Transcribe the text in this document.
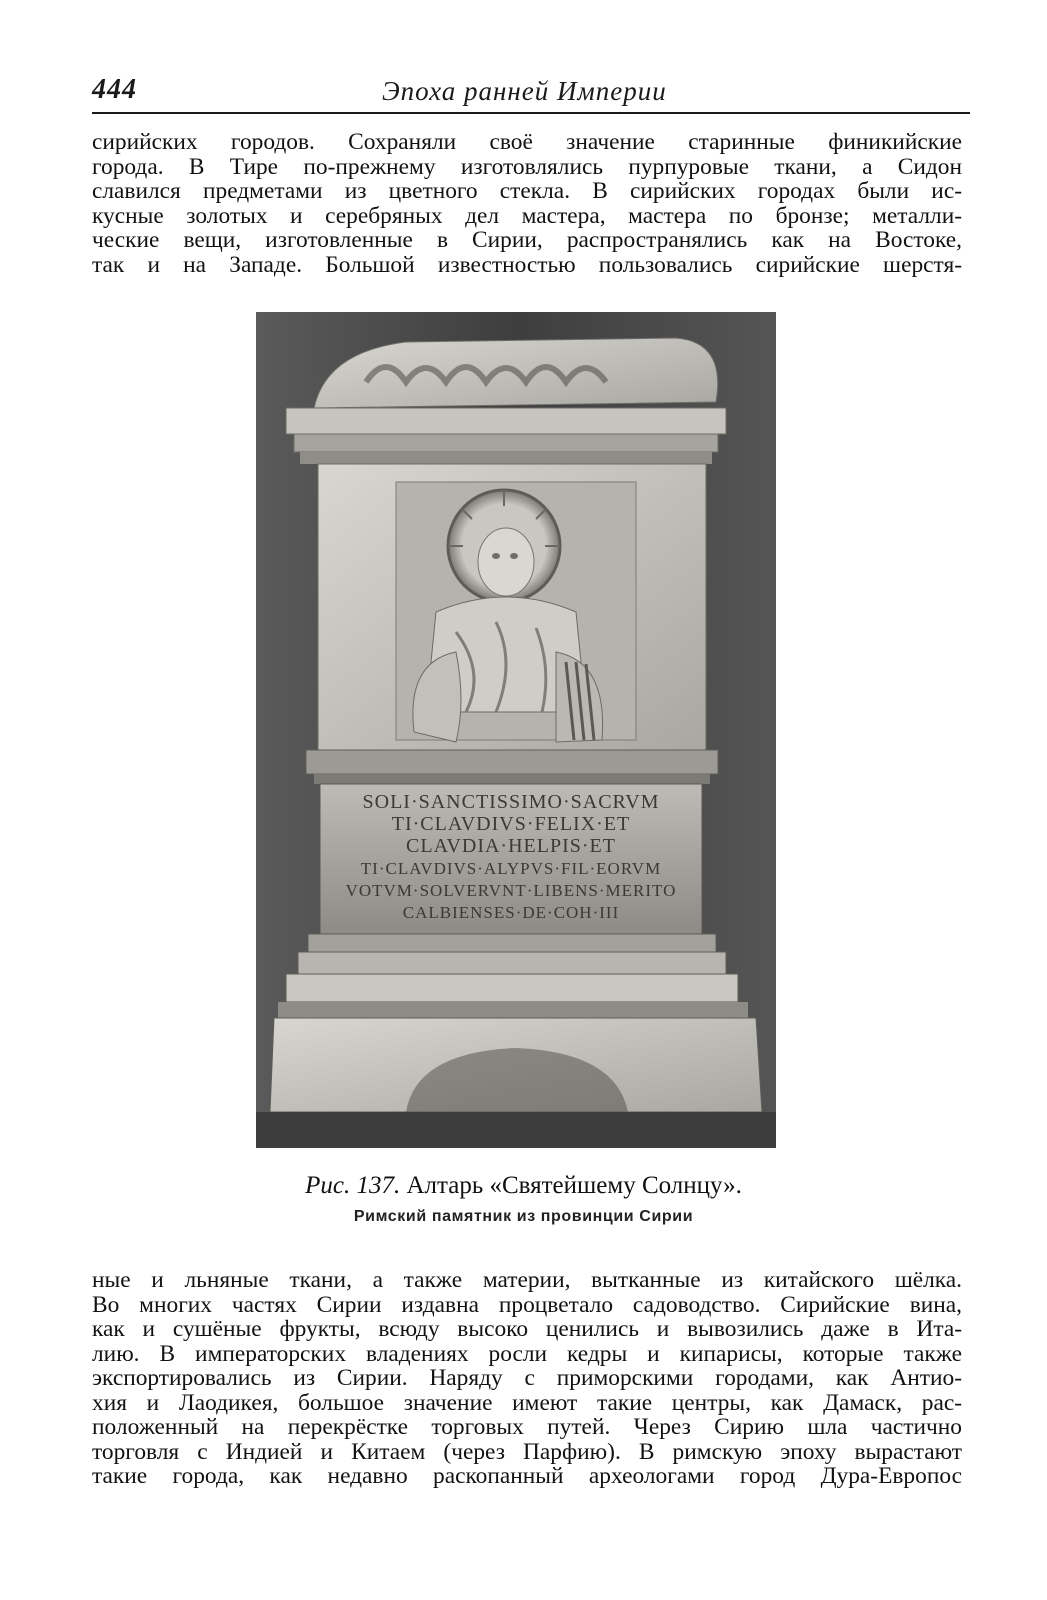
444	Эпоха ранней Империи
сирийских городов. Сохраняли своё значение старинные финикийские
города. В Тире по-прежнему изготовлялись пурпуровые ткани, а Сидон
славился предметами из цветного стекла. В сирийских городах были ис-
кусные золотых и серебряных дел мастера, мастера по бронзе; металли-
ческие вещи, изготовленные в Сирии, распространялись как на Востоке,
так и на Западе. Большой известностью пользовались сирийские шерстя-
SOLI·SANCTISSIMO·SACRVM
TI·CLAVDIVS·FELIX·ET
CLAVDIA·HELPIS·ET
TI·CLAVDIVS·ALYPVS·FIL·EORVM
VOTVM·SOLVERVNT·LIBENS·MERITO
CALBIENSES·DE·COH·III
Рис. 137. Алтарь «Святейшему Солнцу».
Римский памятник из провинции Сирии
ные и льняные ткани, а также материи, вытканные из китайского шёлка.
Во многих частях Сирии издавна процветало садоводство. Сирийские вина,
как и сушёные фрукты, всюду высоко ценились и вывозились даже в Ита-
лию. В императорских владениях росли кедры и кипарисы, которые также
экспортировались из Сирии. Наряду с приморскими городами, как Антио-
хия и Лаодикея, большое значение имеют такие центры, как Дамаск, рас-
положенный на перекрёстке торговых путей. Через Сирию шла частично
торговля с Индией и Китаем (через Парфию). В римскую эпоху вырастают
такие города, как недавно раскопанный археологами город Дура-Европос
